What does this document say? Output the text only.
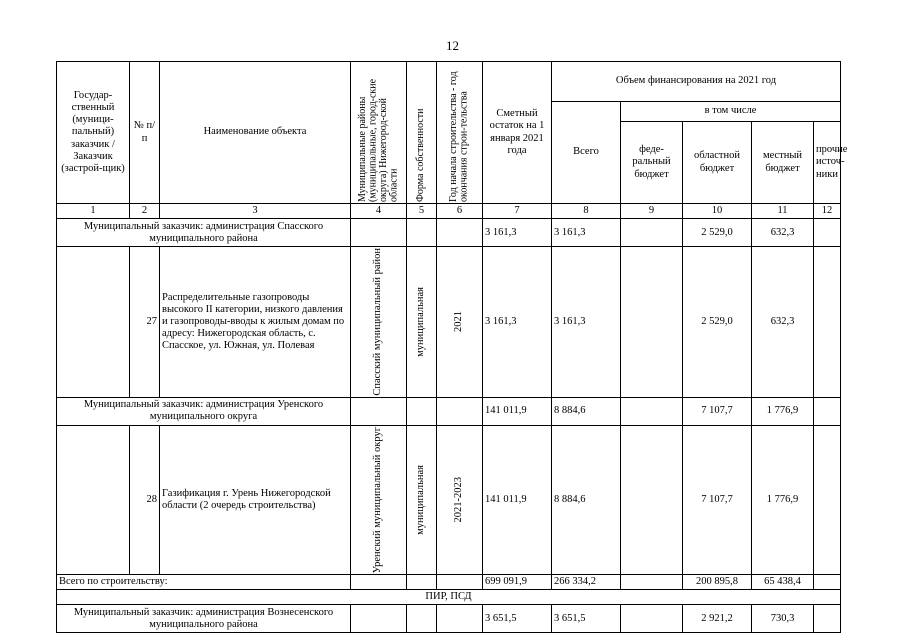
12
Государ-ственный (муници-пальный) заказчик / Заказчик (застрой-щик)	№ п/п	Наименование объекта	Муниципальные районы (муниципальные, город-ские округа) Нижегород-ской области	Форма собственности	Год начала строительства - год окончания строи-тельства	Сметный остаток на 1 января 2021 года	Объем финансирования на 2021 год				
							Всего	в том числе			
								феде-ральный бюджет	областной бюджет	местный бюджет	прочие источ-ники
1	2	3	4	5	6	7	8	9	10	11	12
Муниципальный заказчик: администрация Спасского муниципального района						3 161,3	3 161,3		2 529,0	632,3	
	27	Распределительные газопроводы высокого II категории, низкого давления и газопроводы-вводы к жилым домам по адресу: Нижегородская область, с. Спасское, ул. Южная, ул. Полевая	Спасский муниципальный район	муниципальная	2021	3 161,3	3 161,3		2 529,0	632,3	
Муниципальный заказчик: администрация Уренского муниципального округа						141 011,9	8 884,6		7 107,7	1 776,9	
	28	Газификация г. Урень Нижегородской области (2 очередь строительства)	Уренский муниципальный округ	муниципальная	2021-2023	141 011,9	8 884,6		7 107,7	1 776,9	
Всего по строительству:						699 091,9	266 334,2		200 895,8	65 438,4	
ПИР, ПСД											
Муниципальный заказчик: администрация Вознесенского муниципального района						3 651,5	3 651,5		2 921,2	730,3	
